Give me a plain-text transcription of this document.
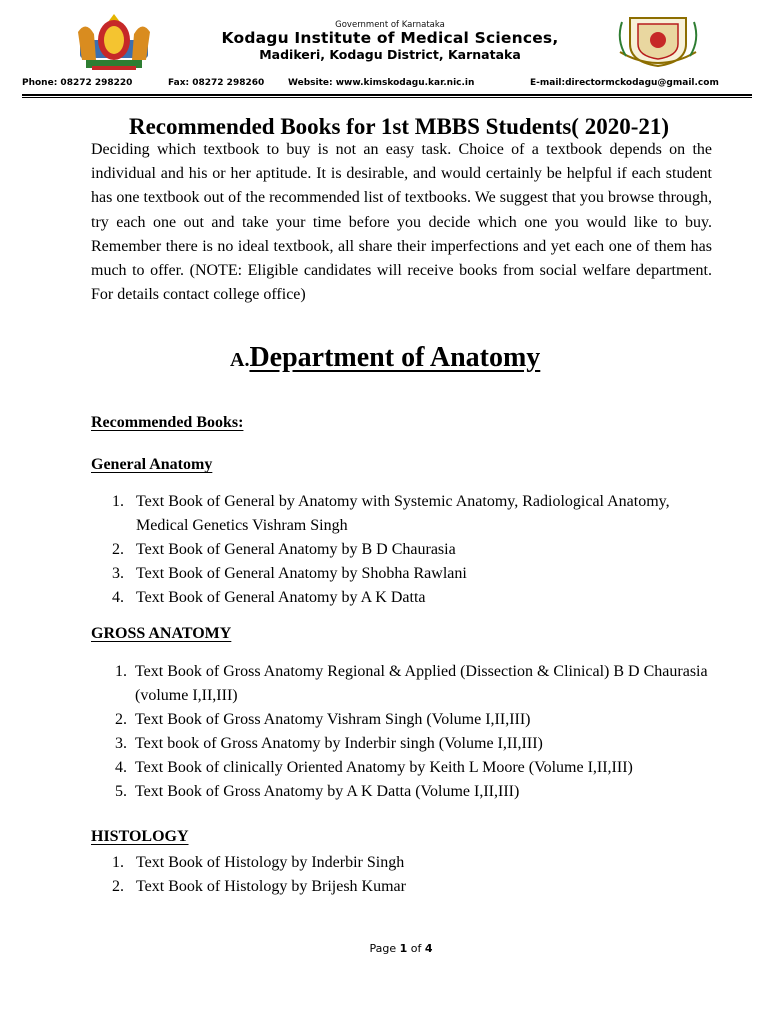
Government of Karnataka
Kodagu Institute of Medical Sciences,
Madikeri, Kodagu District, Karnataka
Phone: 08272 298220	Fax: 08272 298260	Website: www.kimskodagu.kar.nic.in	E-mail:directormckodagu@gmail.com
Recommended Books for 1st MBBS Students( 2020-21)
Deciding which textbook to buy is not an easy task. Choice of a textbook depends on the individual and his or her aptitude. It is desirable, and would certainly be helpful if each student has one textbook out of the recommended list of textbooks. We suggest that you browse through, try each one out and take your time before you decide which one you would like to buy. Remember there is no ideal textbook, all share their imperfections and yet each one of them has much to offer. (NOTE: Eligible candidates will receive books from social welfare department. For details contact college office)
A.Department of Anatomy
Recommended Books:
General Anatomy
1. Text Book of General by Anatomy with Systemic Anatomy, Radiological Anatomy, Medical Genetics Vishram Singh
2. Text Book of General Anatomy by B D Chaurasia
3. Text Book of General Anatomy by Shobha Rawlani
4. Text Book of General Anatomy by A K Datta
GROSS ANATOMY
1. Text Book of Gross Anatomy Regional & Applied (Dissection & Clinical) B D Chaurasia (volume I,II,III)
2. Text Book of Gross Anatomy Vishram Singh (Volume I,II,III)
3. Text book of Gross Anatomy by Inderbir singh (Volume I,II,III)
4. Text Book of clinically Oriented Anatomy by Keith L Moore (Volume I,II,III)
5. Text Book of Gross Anatomy by A K Datta (Volume I,II,III)
HISTOLOGY
1. Text Book of Histology by Inderbir Singh
2. Text Book of Histology by Brijesh Kumar
Page 1 of 4
